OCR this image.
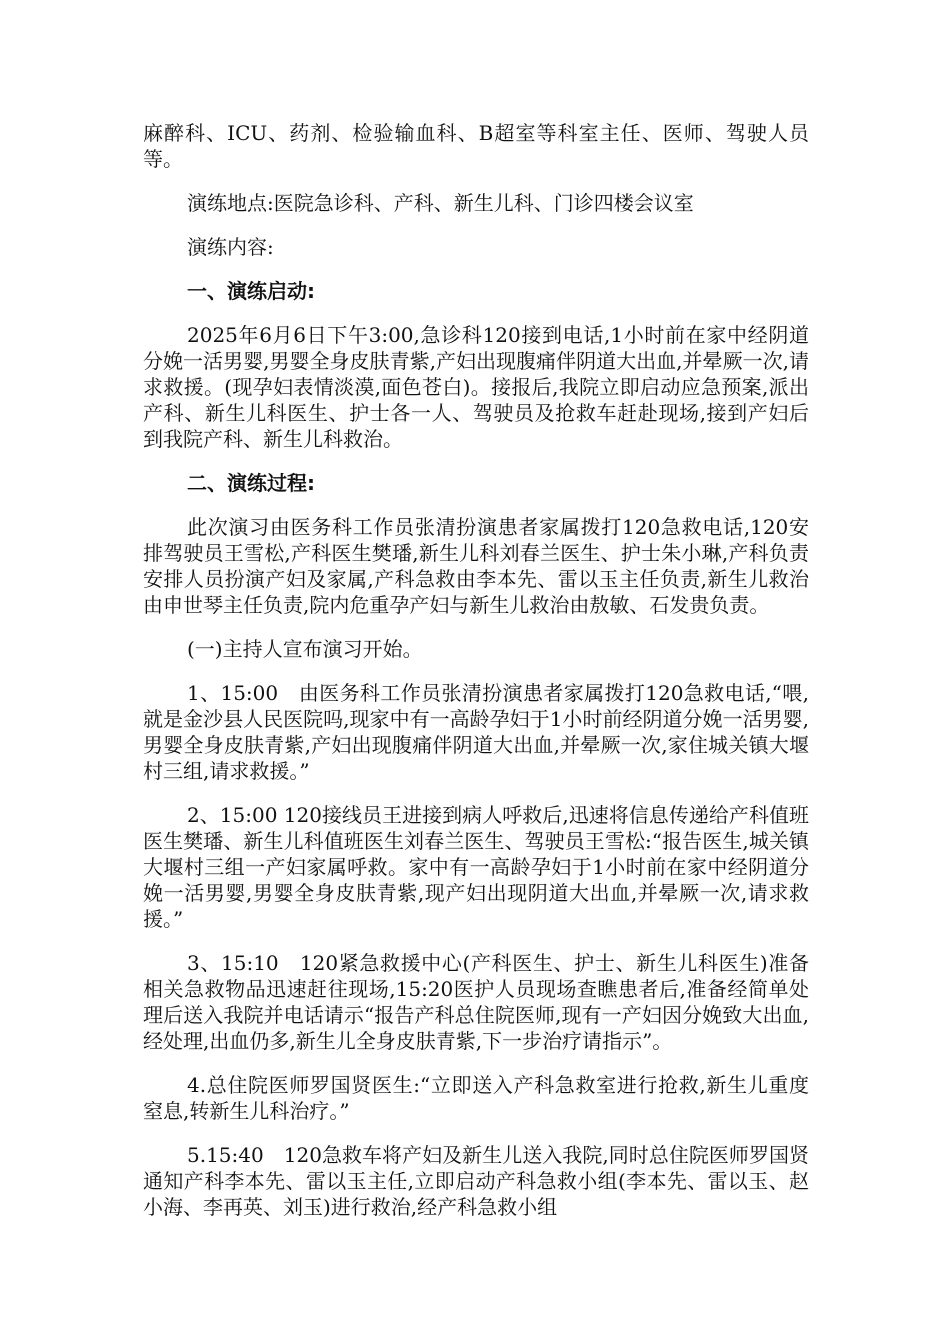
麻醉科、ICU、药剂、检验输血科、B超室等科室主任、医师、驾驶人员等。

演练地点:医院急诊科、产科、新生儿科、门诊四楼会议室

演练内容:

一、演练启动:

2025年6月6日下午3:00,急诊科120接到电话,1小时前在家中经阴道分娩一活男婴,男婴全身皮肤青紫,产妇出现腹痛伴阴道大出血,并晕厥一次,请求救援。(现孕妇表情淡漠,面色苍白)。接报后,我院立即启动应急预案,派出产科、新生儿科医生、护士各一人、驾驶员及抢救车赶赴现场,接到产妇后到我院产科、新生儿科救治。

二、演练过程:

此次演习由医务科工作员张清扮演患者家属拨打120急救电话,120安排驾驶员王雪松,产科医生樊璠,新生儿科刘春兰医生、护士朱小琳,产科负责安排人员扮演产妇及家属,产科急救由李本先、雷以玉主任负责,新生儿救治由申世琴主任负责,院内危重孕产妇与新生儿救治由敖敏、石发贵负责。

(一)主持人宣布演习开始。

1、15:00　由医务科工作员张清扮演患者家属拨打120急救电话,“喂,就是金沙县人民医院吗,现家中有一高龄孕妇于1小时前经阴道分娩一活男婴,男婴全身皮肤青紫,产妇出现腹痛伴阴道大出血,并晕厥一次,家住城关镇大堰村三组,请求救援。”

2、15:00 120接线员王进接到病人呼救后,迅速将信息传递给产科值班医生樊璠、新生儿科值班医生刘春兰医生、驾驶员王雪松:“报告医生,城关镇大堰村三组一产妇家属呼救。家中有一高龄孕妇于1小时前在家中经阴道分娩一活男婴,男婴全身皮肤青紫,现产妇出现阴道大出血,并晕厥一次,请求救援。”

3、15:10　120紧急救援中心(产科医生、护士、新生儿科医生)准备相关急救物品迅速赶往现场,15:20医护人员现场查瞧患者后,准备经简单处理后送入我院并电话请示“报告产科总住院医师,现有一产妇因分娩致大出血,经处理,出血仍多,新生儿全身皮肤青紫,下一步治疗请指示”。

4.总住院医师罗国贤医生:“立即送入产科急救室进行抢救,新生儿重度窒息,转新生儿科治疗。”

5.15:40　120急救车将产妇及新生儿送入我院,同时总住院医师罗国贤通知产科李本先、雷以玉主任,立即启动产科急救小组(李本先、雷以玉、赵小海、李再英、刘玉)进行救治,经产科急救小组
